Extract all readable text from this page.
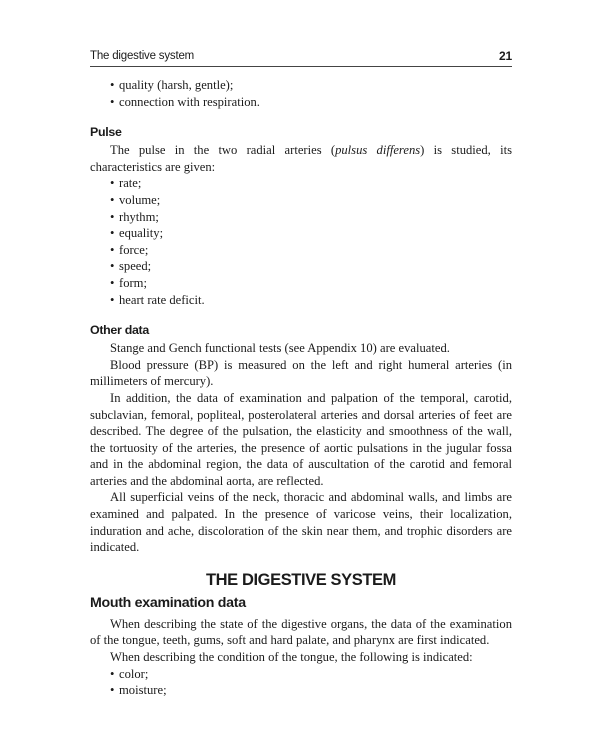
The digestive system	21
• quality (harsh, gentle);
• connection with respiration.
Pulse

The pulse in the two radial arteries (pulsus differens) is studied, its characteristics are given:

• rate;
• volume;
• rhythm;
• equality;
• force;
• speed;
• form;
• heart rate deficit.
Other data

Stange and Gench functional tests (see Appendix 10) are evaluated.

Blood pressure (BP) is measured on the left and right humeral arteries (in millimeters of mercury).

In addition, the data of examination and palpation of the temporal, carotid, subclavian, femoral, popliteal, posterolateral arteries and dorsal arteries of feet are described. The degree of the pulsation, the elasticity and smoothness of the wall, the tortuosity of the arteries, the presence of aortic pulsations in the jugular fossa and in the abdominal region, the data of auscultation of the carotid and femoral arteries and the abdominal aorta, are reflected.

All superficial veins of the neck, thoracic and abdominal walls, and limbs are examined and palpated. In the presence of varicose veins, their localization, induration and ache, discoloration of the skin near them, and trophic disorders are indicated.

THE DIGESTIVE SYSTEM
Mouth examination data

When describing the state of the digestive organs, the data of the examination of the tongue, teeth, gums, soft and hard palate, and pharynx are first indicated.

When describing the condition of the tongue, the following is indicated:

• color;
• moisture;
